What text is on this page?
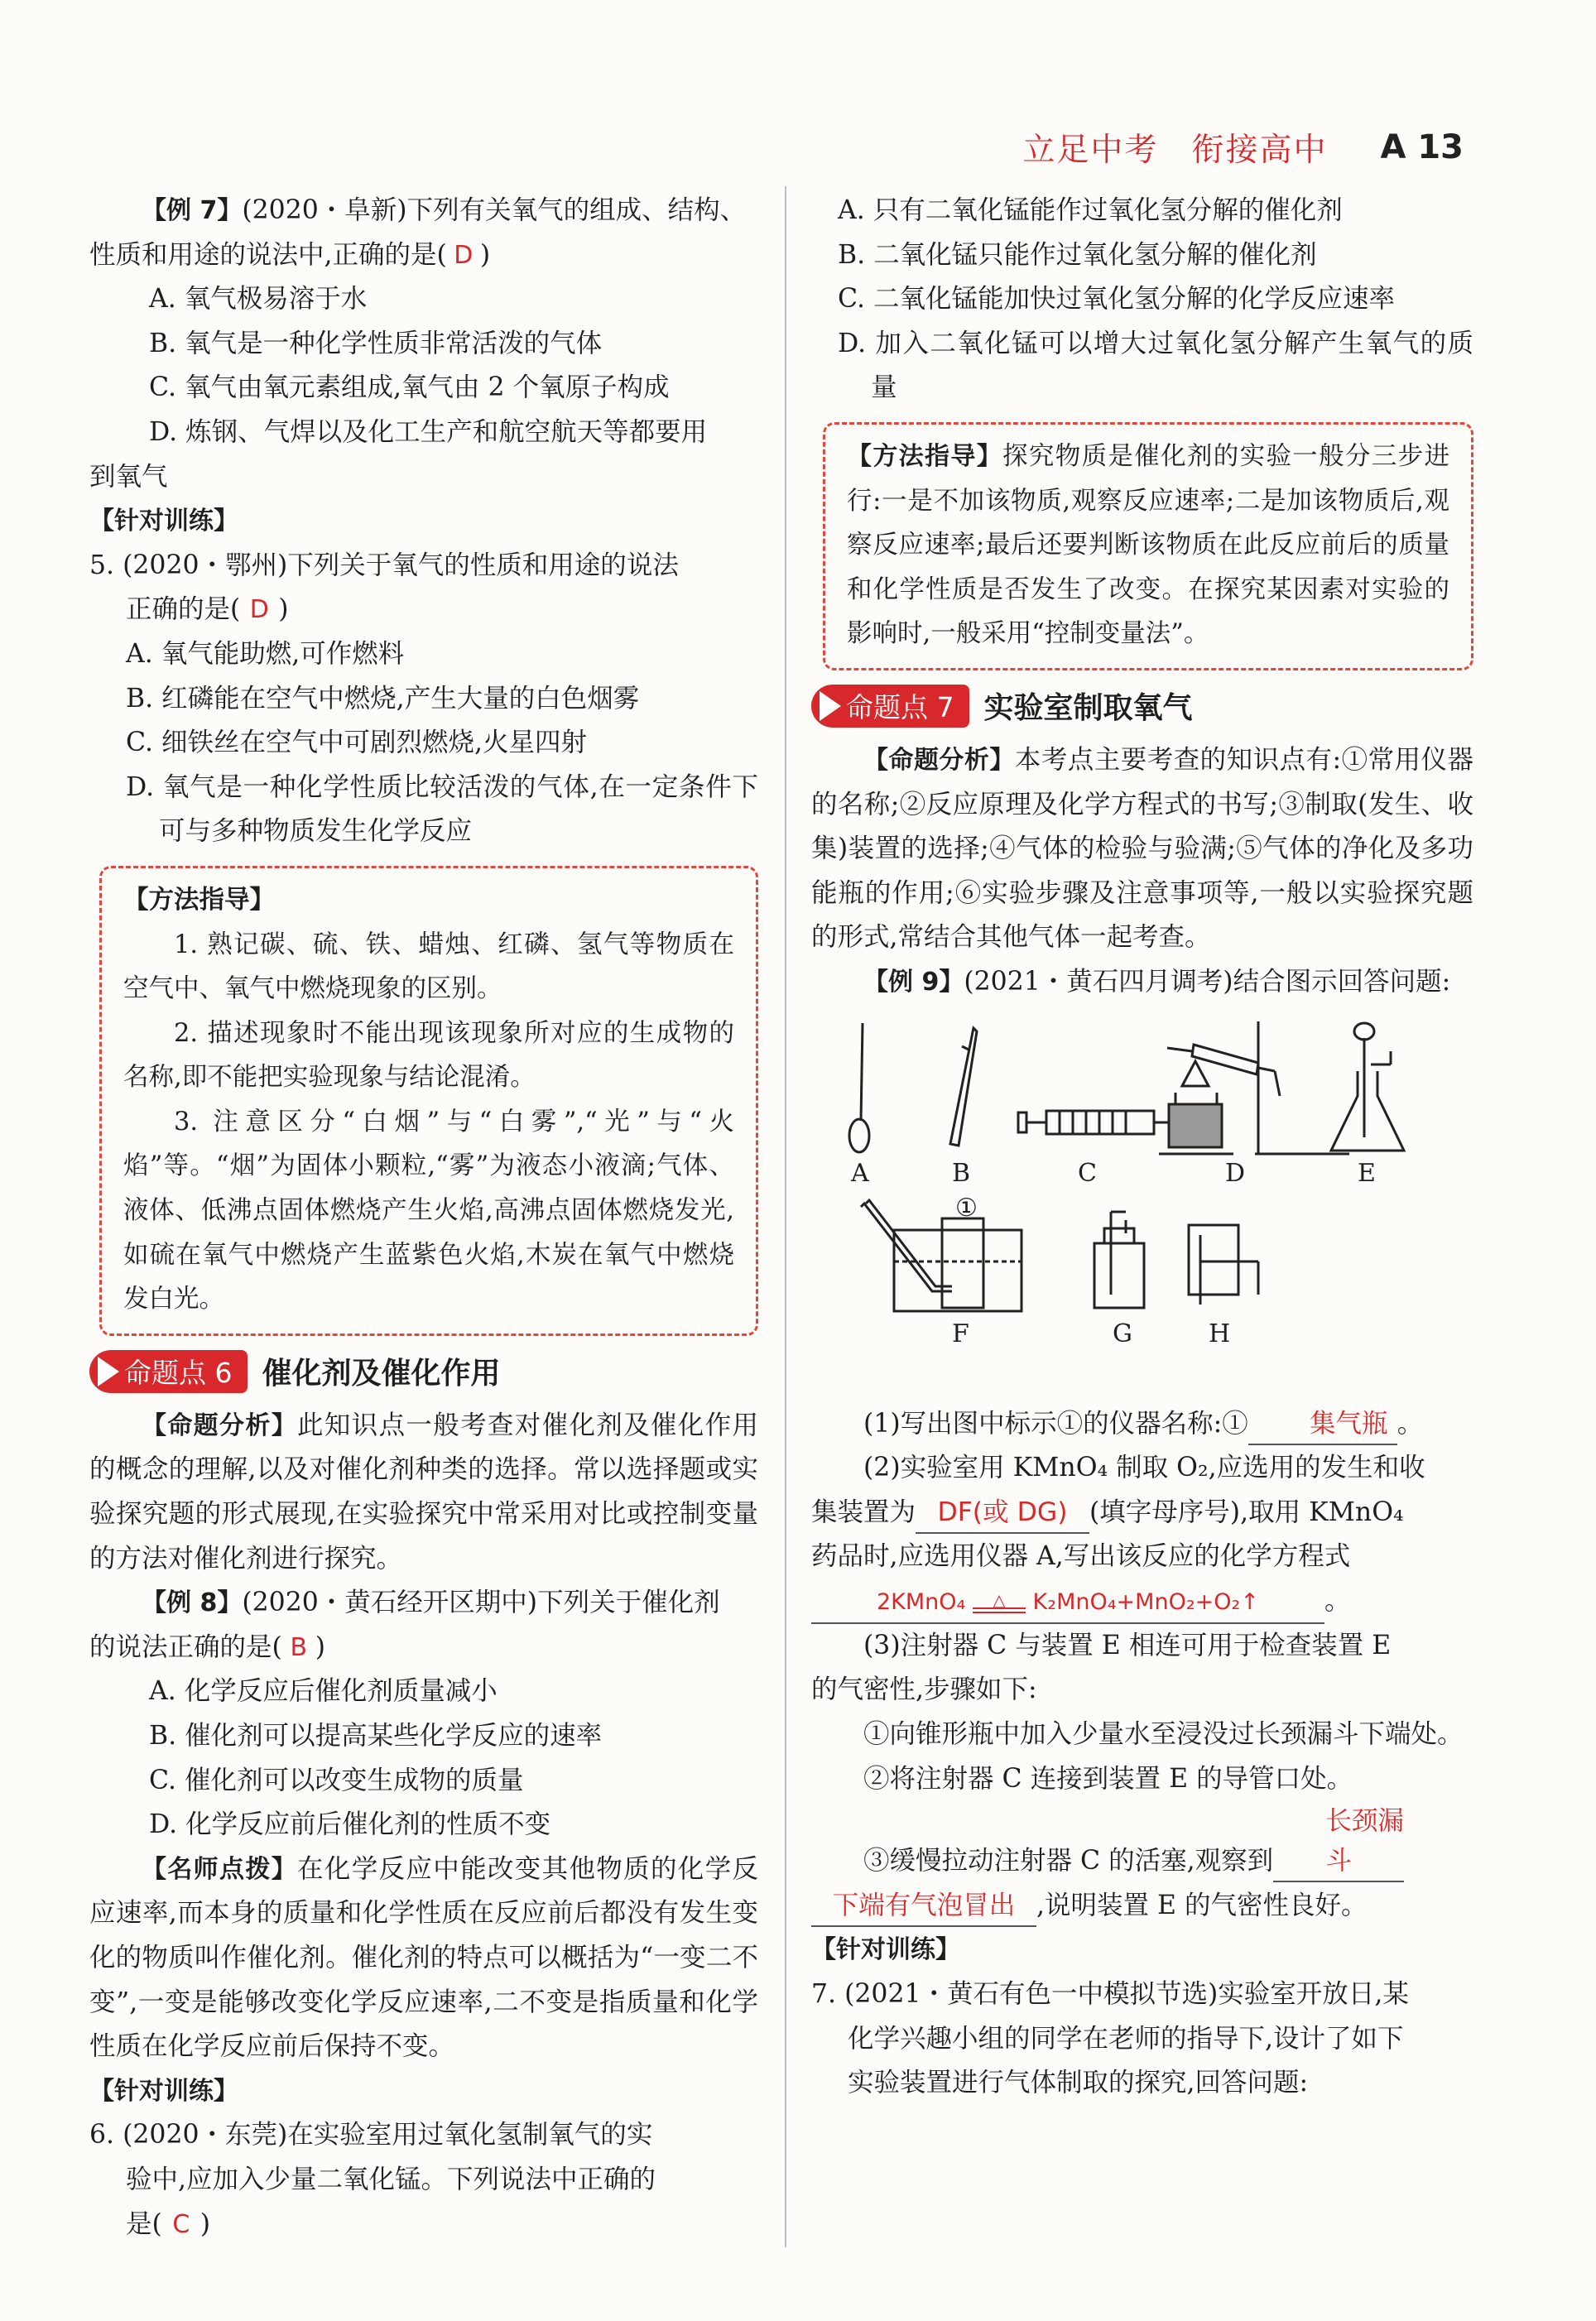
立足中考 衔接高中 A 13

【例 7】(2020・阜新)下列有关氧气的组成、结构、

性质和用途的说法中,正确的是( D )

A. 氧气极易溶于水

B. 氧气是一种化学性质非常活泼的气体

C. 氧气由氧元素组成,氧气由 2 个氧原子构成

D. 炼钢、气焊以及化工生产和航空航天等都要用

到氧气

【针对训练】

5. (2020・鄂州)下列关于氧气的性质和用途的说法

正确的是( D )

A. 氧气能助燃,可作燃料

B. 红磷能在空气中燃烧,产生大量的白色烟雾

C. 细铁丝在空气中可剧烈燃烧,火星四射

D. 氧气是一种化学性质比较活泼的气体,在一定条件下可与多种物质发生化学反应

【方法指导】

1. 熟记碳、硫、铁、蜡烛、红磷、氢气等物质在空气中、氧气中燃烧现象的区别。

2. 描述现象时不能出现该现象所对应的生成物的名称,即不能把实验现象与结论混淆。

3. 注意区分“白烟”与“白雾”,“光”与“火焰”等。“烟”为固体小颗粒,“雾”为液态小液滴;气体、液体、低沸点固体燃烧产生火焰,高沸点固体燃烧发光,如硫在氧气中燃烧产生蓝紫色火焰,木炭在氧气中燃烧发白光。

命题点 6 催化剂及催化作用

【命题分析】此知识点一般考查对催化剂及催化作用的概念的理解,以及对催化剂种类的选择。常以选择题或实验探究题的形式展现,在实验探究中常采用对比或控制变量的方法对催化剂进行探究。

【例 8】(2020・黄石经开区期中)下列关于催化剂

的说法正确的是( B )

A. 化学反应后催化剂质量减小

B. 催化剂可以提高某些化学反应的速率

C. 催化剂可以改变生成物的质量

D. 化学反应前后催化剂的性质不变

【名师点拨】在化学反应中能改变其他物质的化学反应速率,而本身的质量和化学性质在反应前后都没有发生变化的物质叫作催化剂。催化剂的特点可以概括为“一变二不变”,一变是能够改变化学反应速率,二不变是指质量和化学性质在化学反应前后保持不变。

【针对训练】

6. (2020・东莞)在实验室用过氧化氢制氧气的实

验中,应加入少量二氧化锰。下列说法中正确的

是( C )

A. 只有二氧化锰能作过氧化氢分解的催化剂

B. 二氧化锰只能作过氧化氢分解的催化剂

C. 二氧化锰能加快过氧化氢分解的化学反应速率

D. 加入二氧化锰可以增大过氧化氢分解产生氧气的质量

【方法指导】探究物质是催化剂的实验一般分三步进行:一是不加该物质,观察反应速率;二是加该物质后,观察反应速率;最后还要判断该物质在此反应前后的质量和化学性质是否发生了改变。在探究某因素对实验的影响时,一般采用“控制变量法”。

命题点 7 实验室制取氧气

【命题分析】本考点主要考查的知识点有:①常用仪器的名称;②反应原理及化学方程式的书写;③制取(发生、收集)装置的选择;④气体的检验与验满;⑤气体的净化及多功能瓶的作用;⑥实验步骤及注意事项等,一般以实验探究题的形式,常结合其他气体一起考查。

【例 9】(2021・黄石四月调考)结合图示回答问题:

A	B	C	D	E
①
F	G	H

(1)写出图中标示①的仪器名称:① 集气瓶 。

(2)实验室用 KMnO₄ 制取 O₂,应选用的发生和收

集装置为 DF(或 DG) (填字母序号),取用 KMnO₄

药品时,应选用仪器 A,写出该反应的化学方程式

2KMnO₄	△	K₂MnO₄+MnO₂+O₂↑	。

(3)注射器 C 与装置 E 相连可用于检查装置 E

的气密性,步骤如下:

①向锥形瓶中加入少量水至浸没过长颈漏斗下端处。

②将注射器 C 连接到装置 E 的导管口处。

③缓慢拉动注射器 C 的活塞,观察到长颈漏斗

下端有气泡冒出 ,说明装置 E 的气密性良好。

【针对训练】

7. (2021・黄石有色一中模拟节选)实验室开放日,某

化学兴趣小组的同学在老师的指导下,设计了如下

实验装置进行气体制取的探究,回答问题:
